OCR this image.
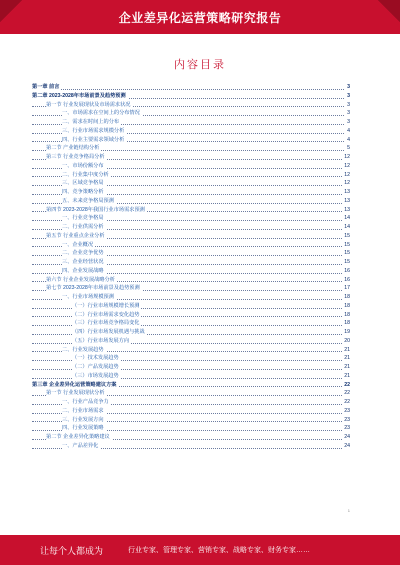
企业差异化运营策略研究报告
内容目录
第一章 前言	3
第二章 2023-2028年市场前景及趋势预测	3
第一节 行业发展现状及市场需求状况	3
一、市场需求在空间上的分布情况	3
二、需求在时间上的分布	3
三、行业市场需求规模分析	4
四、行业主要需求领域分析	4
第二节 产业链结构分析	5
第三节 行业竞争格局分析	12
一、市场份额分布	12
二、行业集中度分析	12
三、区域竞争格局	12
四、竞争策略分析	13
五、未来竞争格局预测	13
第四节 2023-2028年我国行业市场需求预测	13
一、行业竞争格局	14
二、行业供需分析	14
第五节 行业重点企业分析	15
一、企业概况	15
二、企业竞争优势	15
三、企业经营状况	15
四、企业发展战略	16
第六节 行业企业发展战略分析	16
第七节 2023-2028年市场前景及趋势预测	17
一、行业市场规模预测	18
（一）行业市场规模增长预测	18
（二）行业市场需求变化趋势	18
（三）行业市场竞争格局变化	18
（四）行业市场发展机遇与挑战	19
（五）行业市场发展方向	20
二、行业发展趋势	21
（一）技术发展趋势	21
（二）产品发展趋势	21
（三）市场发展趋势	21
第三章 企业差异化运营策略建议方案	22
第一节 行业发展现状分析	22
一、行业产品竞争力	22
二、行业市场需求	23
三、行业发展方向	23
四、行业发展策略	23
第二节 企业差异化策略建议	24
一、产品差异化	24
1
让每个人都成为	行业专家、管理专家、营销专家、战略专家、财务专家……
